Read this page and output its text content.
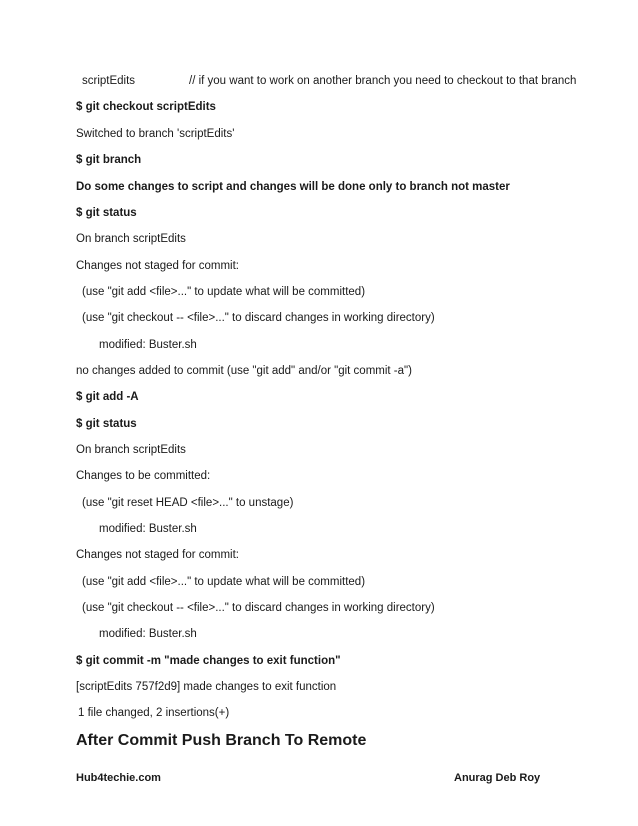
scriptEdits	// if you want to work on another branch you need to checkout to that branch
$ git checkout scriptEdits
Switched to branch 'scriptEdits'
$ git branch
Do some changes to script and changes will be done only to branch not master
$ git status
On branch scriptEdits
Changes not staged for commit:
(use "git add <file>..." to update what will be committed)
(use "git checkout -- <file>..." to discard changes in working directory)
modified: Buster.sh
no changes added to commit (use "git add" and/or "git commit -a")
$ git add -A
$ git status
On branch scriptEdits
Changes to be committed:
(use "git reset HEAD <file>..." to unstage)
modified: Buster.sh
Changes not staged for commit:
(use "git add <file>..." to update what will be committed)
(use "git checkout -- <file>..." to discard changes in working directory)
modified: Buster.sh
$ git commit -m "made changes to exit function"
[scriptEdits 757f2d9] made changes to exit function
1 file changed, 2 insertions(+)
After Commit Push Branch To Remote
Hub4techie.com	Anurag Deb Roy
